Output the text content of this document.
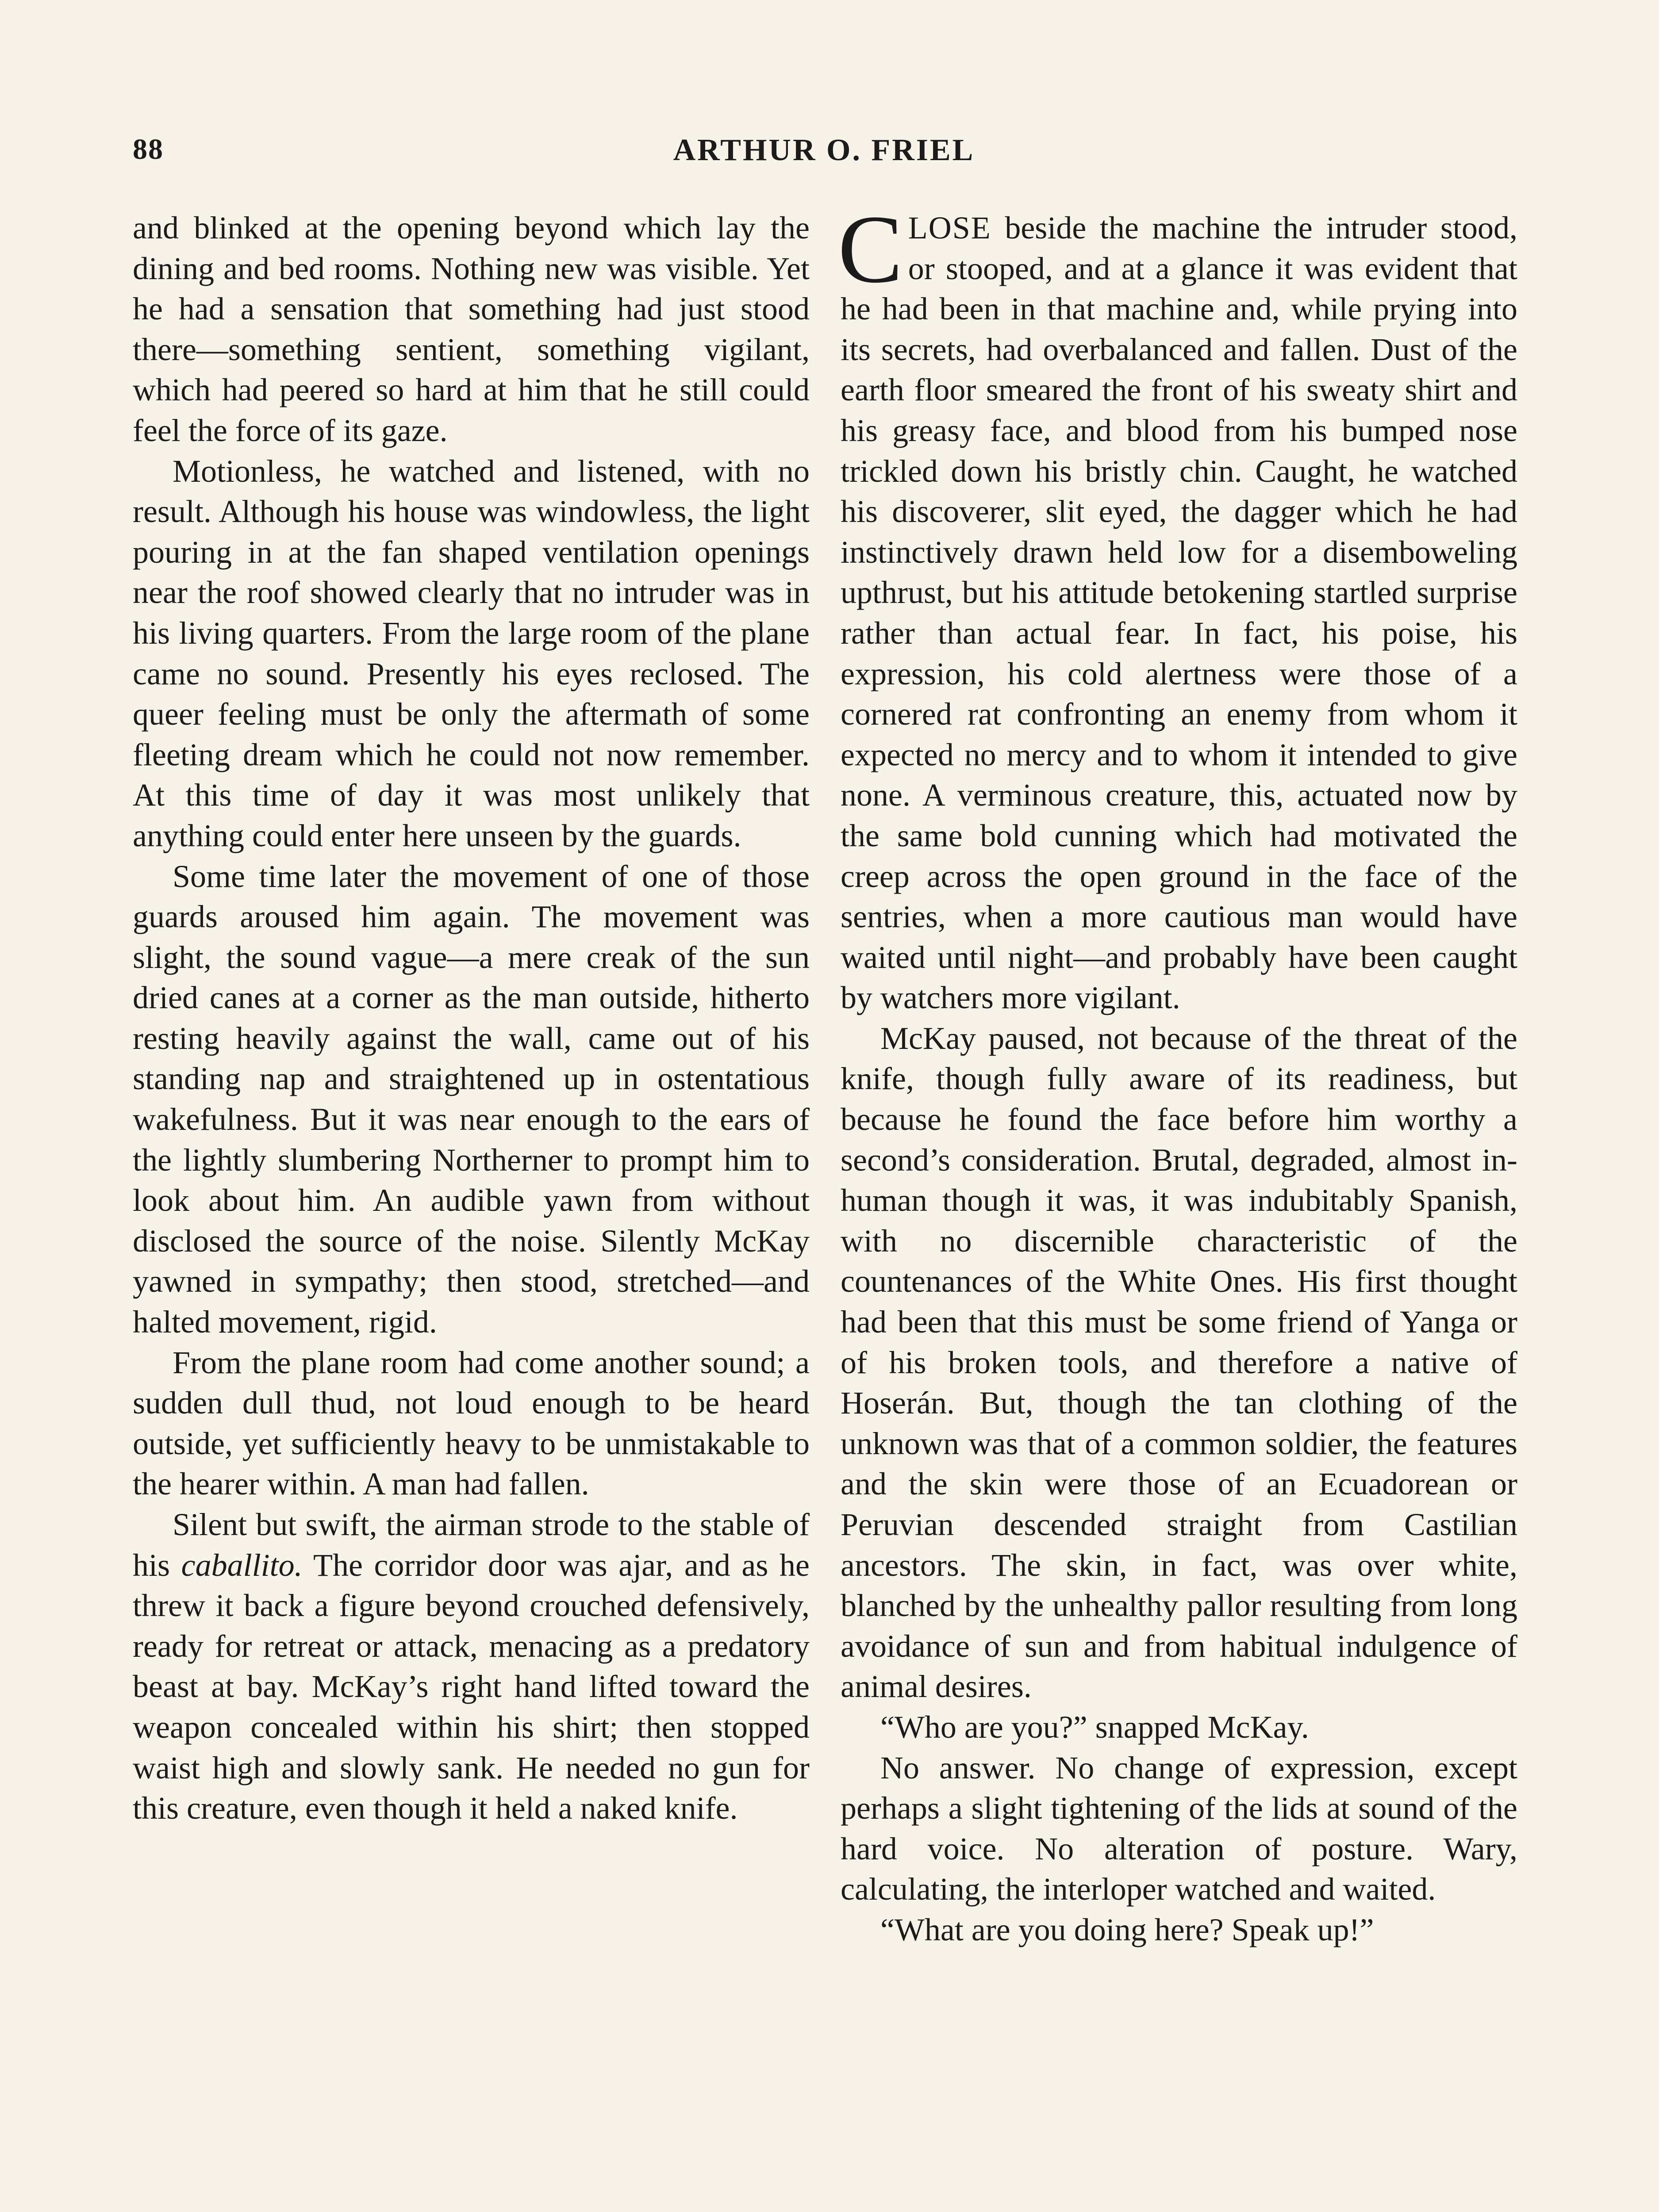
88	ARTHUR O. FRIEL

and blinked at the opening beyond which lay the dining and bed rooms. Nothing new was visible. Yet he had a sensation that something had just stood there—something sentient, something vigilant, which had peered so hard at him that he still could feel the force of its gaze.

Motionless, he watched and listened, with no result. Although his house was windowless, the light pouring in at the fan shaped ventilation openings near the roof showed clearly that no intruder was in his living quarters. From the large room of the plane came no sound. Presently his eyes reclosed. The queer feeling must be only the aftermath of some fleeting dream which he could not now remember. At this time of day it was most unlikely that anything could enter here unseen by the guards.

Some time later the movement of one of those guards aroused him again. The movement was slight, the sound vague—a mere creak of the sun dried canes at a corner as the man outside, hitherto resting heavily against the wall, came out of his standing nap and straightened up in ostentatious wakefulness. But it was near enough to the ears of the lightly slumbering Northerner to prompt him to look about him. An audible yawn from without disclosed the source of the noise. Silently McKay yawned in sympathy; then stood, stretched—and halted movement, rigid.

From the plane room had come another sound; a sudden dull thud, not loud enough to be heard outside, yet sufficiently heavy to be unmistakable to the hearer within. A man had fallen.

Silent but swift, the airman strode to the stable of his caballito. The corridor door was ajar, and as he threw it back a figure beyond crouched defensively, ready for retreat or attack, menacing as a predatory beast at bay. McKay’s right hand lifted toward the weapon concealed within his shirt; then stopped waist high and slowly sank. He needed no gun for this creature, even though it held a naked knife.

CLOSE beside the machine the intruder stood, or stooped, and at a glance it was evident that he had been in that machine and, while prying into its secrets, had overbalanced and fallen. Dust of the earth floor smeared the front of his sweaty shirt and his greasy face, and blood from his bumped nose trickled down his bristly chin. Caught, he watched his discoverer, slit eyed, the dagger which he had instinctively drawn held low for a disemboweling upthrust, but his attitude betokening startled surprise rather than actual fear. In fact, his poise, his expression, his cold alertness were those of a cornered rat confronting an enemy from whom it expected no mercy and to whom it intended to give none. A verminous creature, this, actuated now by the same bold cunning which had motivated the creep across the open ground in the face of the sentries, when a more cautious man would have waited until night—and probably have been caught by watchers more vigilant.

McKay paused, not because of the threat of the knife, though fully aware of its readiness, but because he found the face before him worthy a second’s consideration. Brutal, degraded, almost inhuman though it was, it was indubitably Spanish, with no discernible characteristic of the countenances of the White Ones. His first thought had been that this must be some friend of Yanga or of his broken tools, and therefore a native of Hoserán. But, though the tan clothing of the unknown was that of a common soldier, the features and the skin were those of an Ecuadorean or Peruvian descended straight from Castilian ancestors. The skin, in fact, was over white, blanched by the unhealthy pallor resulting from long avoidance of sun and from habitual indulgence of animal desires.

“Who are you?” snapped McKay.

No answer. No change of expression, except perhaps a slight tightening of the lids at sound of the hard voice. No alteration of posture. Wary, calculating, the interloper watched and waited.

“What are you doing here? Speak up!”
